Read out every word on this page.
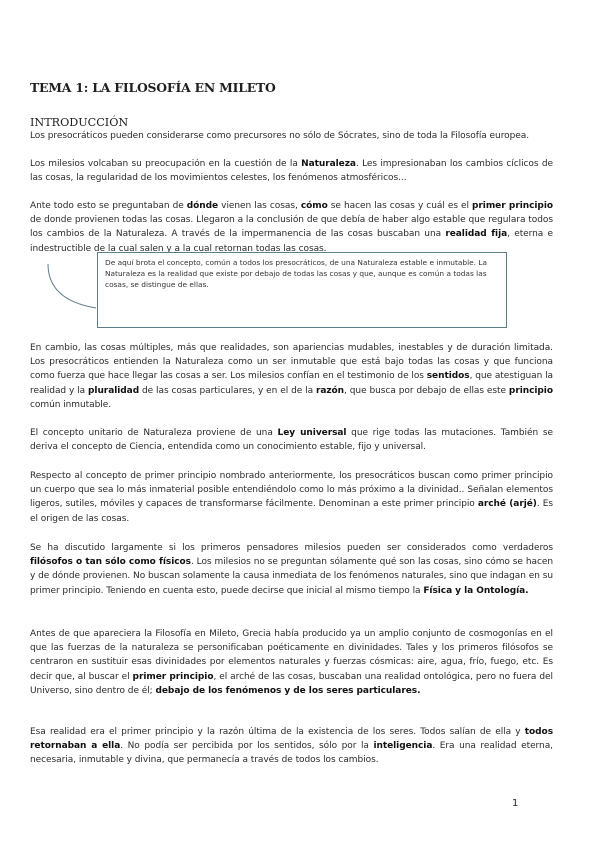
TEMA 1: LA FILOSOFÍA EN MILETO
INTRODUCCIÓN

Los presocráticos pueden considerarse como precursores no sólo de Sócrates, sino de toda la Filosofía europea.

Los milesios volcaban su preocupación en la cuestión de la Naturaleza. Les impresionaban los cambios cíclicos de las cosas, la regularidad de los movimientos celestes, los fenómenos atmosféricos...

Ante todo esto se preguntaban de dónde vienen las cosas, cómo se hacen las cosas y cuál es el primer principio de donde provienen todas las cosas. Llegaron a la conclusión de que debía de haber algo estable que regulara todos los cambios de la Naturaleza. A través de la impermanencia de las cosas buscaban una realidad fija, eterna e indestructible de la cual salen y a la cual retornan todas las cosas.

De aquí brota el concepto, común a todos los presocráticos, de una Naturaleza estable e inmutable. La Naturaleza es la realidad que existe por debajo de todas las cosas y que, aunque es común a todas las cosas, se distingue de ellas.

En cambio, las cosas múltiples, más que realidades, son apariencias mudables, inestables y de duración limitada. Los presocráticos entienden la Naturaleza como un ser inmutable que está bajo todas las cosas y que funciona como fuerza que hace llegar las cosas a ser. Los milesios confían en el testimonio de los sentidos, que atestiguan la realidad y la pluralidad de las cosas particulares, y en el de la razón, que busca por debajo de ellas este principio común inmutable.

El concepto unitario de Naturaleza proviene de una Ley universal que rige todas las mutaciones. También se deriva el concepto de Ciencia, entendida como un conocimiento estable, fijo y universal.

Respecto al concepto de primer principio nombrado anteriormente, los presocráticos buscan como primer principio un cuerpo que sea lo más inmaterial posible entendiéndolo como lo más próximo a la divinidad.. Señalan elementos ligeros, sutiles, móviles y capaces de transformarse fácilmente. Denominan a este primer principio arché (arjé). Es el origen de las cosas.

Se ha discutido largamente si los primeros pensadores milesios pueden ser considerados como verdaderos filósofos o tan sólo como físicos. Los milesios no se preguntan sólamente qué son las cosas, sino cómo se hacen y de dónde provienen. No buscan solamente la causa inmediata de los fenómenos naturales, sino que indagan en su primer principio. Teniendo en cuenta esto, puede decirse que inicial al mismo tiempo la Física y la Ontología.

Antes de que apareciera la Filosofía en Mileto, Grecia había producido ya un amplio conjunto de cosmogonías en el que las fuerzas de la naturaleza se personificaban poéticamente en divinidades. Tales y los primeros filósofos se centraron en sustituir esas divinidades por elementos naturales y fuerzas cósmicas: aire, agua, frío, fuego, etc. Es decir que, al buscar el primer principio, el arché de las cosas, buscaban una realidad ontológica, pero no fuera del Universo, sino dentro de él; debajo de los fenómenos y de los seres particulares.

Esa realidad era el primer principio y la razón última de la existencia de los seres. Todos salían de ella y todos retornaban a ella. No podía ser percibida por los sentidos, sólo por la inteligencia. Era una realidad eterna, necesaria, inmutable y divina, que permanecía a través de todos los cambios.

1
